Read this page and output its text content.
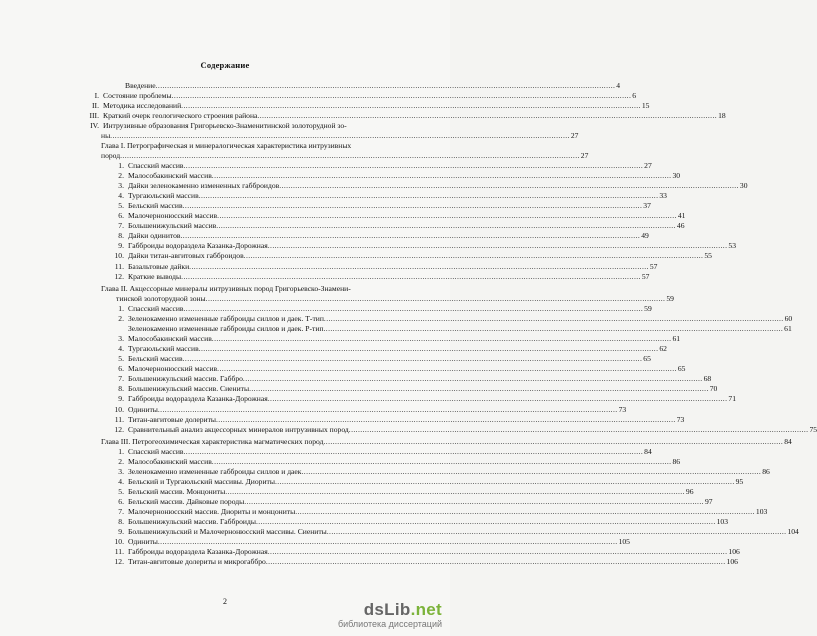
Содержание
Введение ........................................................................................................................................................................................................ 4
I. Состояние проблемы ........................................................................................................................................................................................................ 6
II. Методика исследований ........................................................................................................................................................................................................ 15
III. Краткий очерк геологического строения района ........................................................................................................................................................................................................ 18
IV. Интрузивные образования Григорьевско-Знаменитинской золоторудной зо-
ны ........................................................................................................................................................................................................ 27
Глава I. Петрографическая и минералогическая характеристика интрузивных
пород ........................................................................................................................................................................................................ 27
1. Спасский массив ........................................................................................................................................................................................................ 27
2. Малособакинский массив ........................................................................................................................................................................................................ 30
3. Дайки зеленокаменно измененных габброидов ........................................................................................................................................................................................................ 30
4. Тургаюльский массив ........................................................................................................................................................................................................ 33
5. Бельский массив ........................................................................................................................................................................................................ 37
6. Малочернонюсский массив ........................................................................................................................................................................................................ 41
7. Большенижульский массив ........................................................................................................................................................................................................ 46
8. Дайки одинитов ........................................................................................................................................................................................................ 49
9. Габброиды водораздела Казанка-Дорожная ........................................................................................................................................................................................................ 53
10. Дайки титан-авгитовых габброидов ........................................................................................................................................................................................................ 55
11. Базальтовые дайки ........................................................................................................................................................................................................ 57
12. Краткие выводы ........................................................................................................................................................................................................ 57
Глава II. Акцессорные минералы интрузивных пород Григорьевско-Знамени-
тинской золоторудной зоны ........................................................................................................................................................................................................ 59
1. Спасский массив ........................................................................................................................................................................................................ 59
2. Зеленокаменно измененные габброиды силлов и даек. Т-тип ........................................................................................................................................................................................................ 60
Зеленокаменно измененные габброиды силлов и даек. Р-тип ........................................................................................................................................................................................................ 61
3. Малособакинский массив ........................................................................................................................................................................................................ 61
4. Тургаюльский массив ........................................................................................................................................................................................................ 62
5. Бельский массив ........................................................................................................................................................................................................ 65
6. Малочернонюсский массив ........................................................................................................................................................................................................ 65
7. Большенижульский массив. Габбро ........................................................................................................................................................................................................ 68
8. Большенижульский массив. Сиениты ........................................................................................................................................................................................................ 70
9. Габброиды водораздела Казанка-Дорожная ........................................................................................................................................................................................................ 71
10. Одиниты ........................................................................................................................................................................................................ 73
11. Титан-авгитовые долериты ........................................................................................................................................................................................................ 73
12. Сравнительный анализ акцессорных минералов интрузивных пород ........................................................................................................................................................................................................ 75
Глава III. Петрогеохимическая характеристика магматических пород ........................................................................................................................................................................................................ 84
1. Спасский массив ........................................................................................................................................................................................................ 84
2. Малособакинский массив ........................................................................................................................................................................................................ 86
3. Зеленокаменно измененные габброиды силлов и даек ........................................................................................................................................................................................................ 86
4. Бельский и Тургаюльский массивы. Диориты ........................................................................................................................................................................................................ 95
5. Бельский массив. Монцониты ........................................................................................................................................................................................................ 96
6. Бельский массив. Дайковые породы ........................................................................................................................................................................................................ 97
7. Малочернонюсский массив. Диориты и монцониты ........................................................................................................................................................................................................ 103
8. Большенижульский массив. Габброиды ........................................................................................................................................................................................................ 103
9. Большенижульский и Малочернонюсский массивы. Сиениты ........................................................................................................................................................................................................ 104
10. Одиниты ........................................................................................................................................................................................................ 105
11. Габброиды водораздела Казанка-Дорожная ........................................................................................................................................................................................................ 106
12. Титан-авгитовые долериты и микрогаббро ........................................................................................................................................................................................................ 106
2	dsLib.net
библиотека диссертаций
